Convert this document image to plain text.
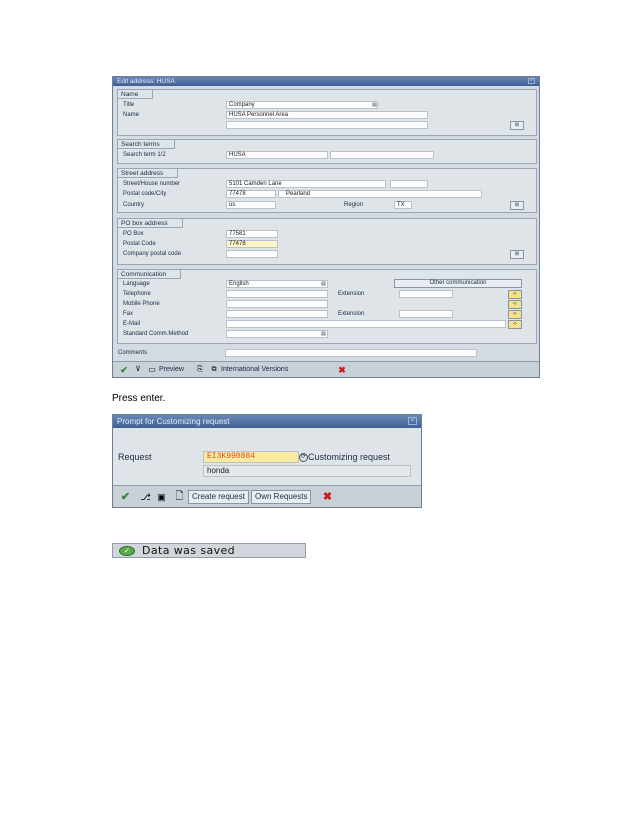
Edit address: HUSA	×
Name
Title	Company	▤
Name	HUSA Personnel Area
⊞
Search terms
Search term 1/2	HUSA
Street address
Street/House number	5101 Camden Lane
Postal code/City	77478	Pearland
Country	us	Region	TX	⊞
PO box address
PO Box	77581
Postal Code	77478
Company postal code	⊞
Communication
Language	English	▤	Other communication
Telephone	Extension	➪
Mobile Phone	➪
Fax	Extension	➪
E-Mail	➪
Standard Comm.Method	▤
Comments
✔	⊽ ▭ Preview	⎘	⧉ International Versions	✖
Press enter.
Prompt for Customizing request	×
Request	EI3K990884	⟳ Customizing request
honda
✔ ⎇ ▣ 🗋	Create request	Own Requests	✖
✓	Data was saved
